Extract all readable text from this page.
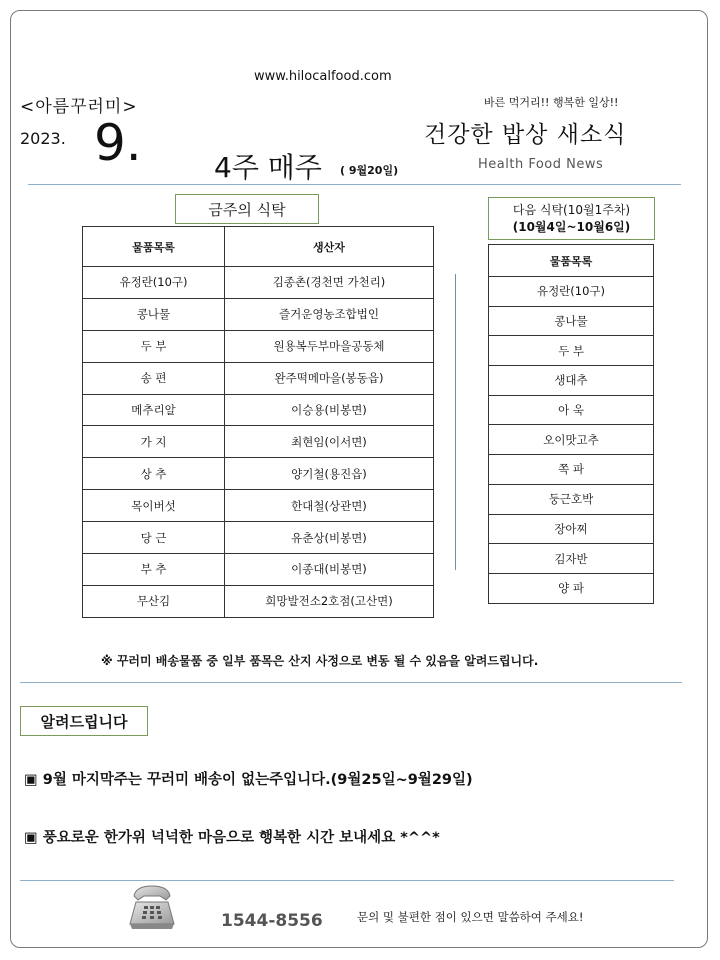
www.hilocalfood.com
<아름꾸러미>
2023. 9.	4주 매주 ( 9월20일)
바른 먹거리!! 행복한 일상!!
건강한 밥상 새소식
Health Food News
금주의 식탁
물품목록	생산자
유정란(10구)	김종촌(경천면 가천리)
콩나물	즐거운영농조합법인
두 부	원용복두부마을공동체
송 편	완주떡메마을(봉동읍)
메추리알	이승용(비봉면)
가 지	최현임(이서면)
상 추	양기철(용진읍)
목이버섯	한대철(상관면)
당 근	유춘상(비봉면)
부 추	이종대(비봉면)
무산김	희망발전소2호점(고산면)
다음 식탁(10월1주차)
(10월4일~10월6일)
물품목록
유정란(10구)
콩나물
두 부
생대추
아 욱
오이맛고추
쪽 파
둥근호박
장아찌
김자반
양 파
※ 꾸러미 배송물품 중 일부 품목은 산지 사정으로 변동 될 수 있음을 알려드립니다.
알려드립니다
▣ 9월 마지막주는 꾸러미 배송이 없는주입니다.(9월25일~9월29일)
▣ 풍요로운 한가위 넉넉한 마음으로 행복한 시간 보내세요 *^^*
1544-8556	문의 및 불편한 점이 있으면 말씀하여 주세요!
